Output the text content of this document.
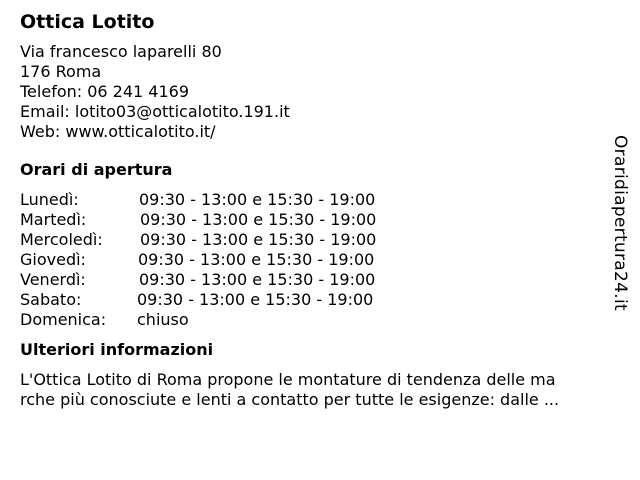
Ottica Lotito
Via francesco laparelli 80
176 Roma
Telefon: 06 241 4169
Email: lotito03@otticalotito.191.it
Web: www.otticalotito.it/
Orari di apertura
Lunedì:	09:30 - 13:00 e 15:30 - 19:00
Martedì:	09:30 - 13:00 e 15:30 - 19:00
Mercoledì: 09:30 - 13:00 e 15:30 - 19:00
Giovedì:	09:30 - 13:00 e 15:30 - 19:00
Venerdì:	09:30 - 13:00 e 15:30 - 19:00
Sabato:	09:30 - 13:00 e 15:30 - 19:00
Domenica: chiuso
Ulteriori informazioni
L'Ottica Lotito di Roma propone le montature di tendenza delle ma
rche più conosciute e lenti a contatto per tutte le esigenze: dalle ...
Oraridiapertura24.it
